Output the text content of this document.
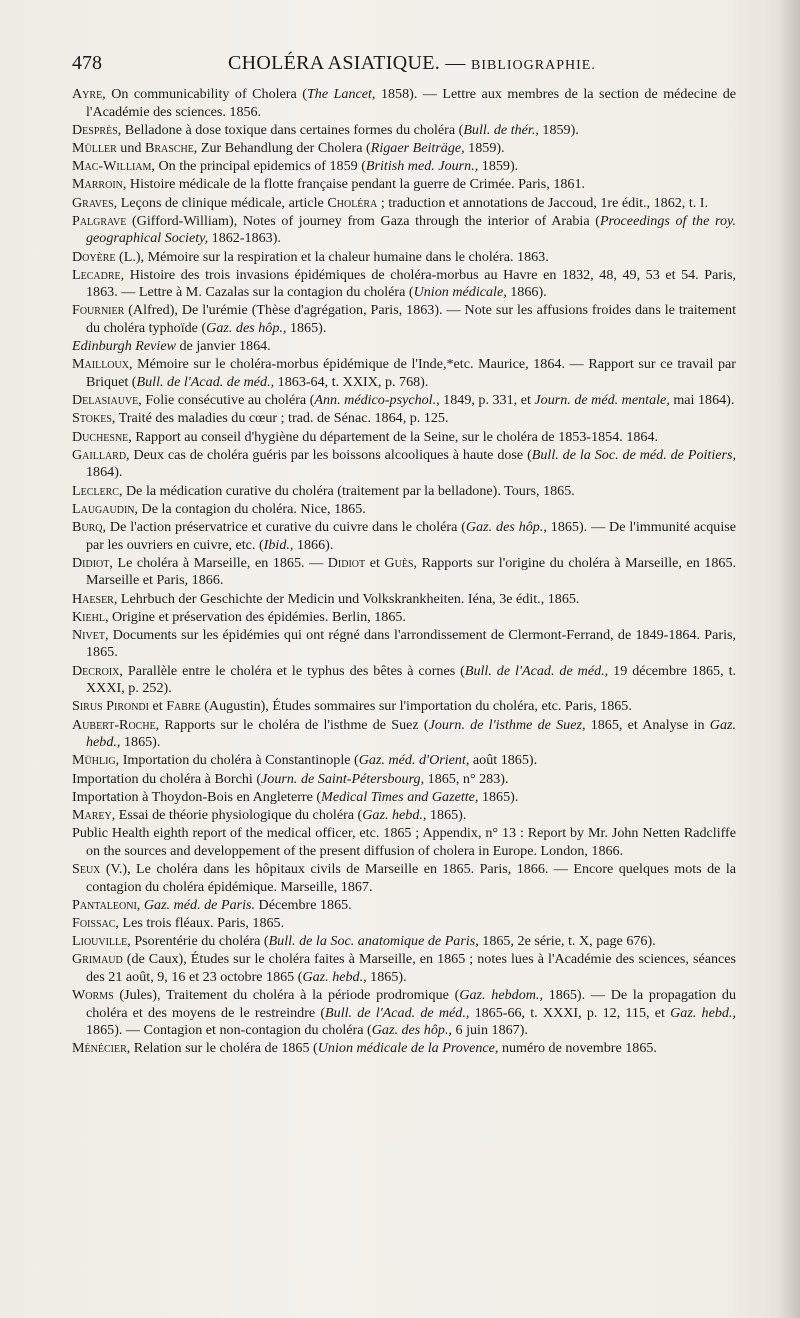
478	CHOLÉRA ASIATIQUE. — BIBLIOGRAPHIE.

Ayre, On communicability of Cholera (The Lancet, 1858). — Lettre aux membres de la section de médecine de l'Académie des sciences. 1856.

Desprès, Belladone à dose toxique dans certaines formes du choléra (Bull. de thér., 1859).

Müller und Brasche, Zur Behandlung der Cholera (Rigaer Beiträge, 1859).

Mac-William, On the principal epidemics of 1859 (British med. Journ., 1859).

Marroin, Histoire médicale de la flotte française pendant la guerre de Crimée. Paris, 1861.

Graves, Leçons de clinique médicale, article Choléra ; traduction et annotations de Jaccoud, 1re édit., 1862, t. I.

Palgrave (Gifford-William), Notes of journey from Gaza through the interior of Arabia (Proceedings of the roy. geographical Society, 1862-1863).

Doyère (L.), Mémoire sur la respiration et la chaleur humaine dans le choléra. 1863.

Lecadre, Histoire des trois invasions épidémiques de choléra-morbus au Havre en 1832, 48, 49, 53 et 54. Paris, 1863. — Lettre à M. Cazalas sur la contagion du choléra (Union médicale, 1866).

Fournier (Alfred), De l'urémie (Thèse d'agrégation, Paris, 1863). — Note sur les affusions froides dans le traitement du choléra typhoïde (Gaz. des hôp., 1865).

Edinburgh Review de janvier 1864.

Mailloux, Mémoire sur le choléra-morbus épidémique de l'Inde,*etc. Maurice, 1864. — Rapport sur ce travail par Briquet (Bull. de l'Acad. de méd., 1863-64, t. XXIX, p. 768).

Delasiauve, Folie consécutive au choléra (Ann. médico-psychol., 1849, p. 331, et Journ. de méd. mentale, mai 1864).

Stokes, Traité des maladies du cœur ; trad. de Sénac. 1864, p. 125.

Duchesne, Rapport au conseil d'hygiène du département de la Seine, sur le choléra de 1853-1854. 1864.

Gaillard, Deux cas de choléra guéris par les boissons alcooliques à haute dose (Bull. de la Soc. de méd. de Poitiers, 1864).

Leclerc, De la médication curative du choléra (traitement par la belladone). Tours, 1865.

Laugaudin, De la contagion du choléra. Nice, 1865.

Burq, De l'action préservatrice et curative du cuivre dans le choléra (Gaz. des hôp., 1865). — De l'immunité acquise par les ouvriers en cuivre, etc. (Ibid., 1866).

Didiot, Le choléra à Marseille, en 1865. — Didiot et Guès, Rapports sur l'origine du choléra à Marseille, en 1865. Marseille et Paris, 1866.

Haeser, Lehrbuch der Geschichte der Medicin und Volkskrankheiten. Iéna, 3e édit., 1865.

Kiehl, Origine et préservation des épidémies. Berlin, 1865.

Nivet, Documents sur les épidémies qui ont régné dans l'arrondissement de Clermont-Ferrand, de 1849-1864. Paris, 1865.

Decroix, Parallèle entre le choléra et le typhus des bêtes à cornes (Bull. de l'Acad. de méd., 19 décembre 1865, t. XXXI, p. 252).

Sirus Pirondi et Fabre (Augustin), Études sommaires sur l'importation du choléra, etc. Paris, 1865.

Aubert-Roche, Rapports sur le choléra de l'isthme de Suez (Journ. de l'isthme de Suez, 1865, et Analyse in Gaz. hebd., 1865).

Mühlig, Importation du choléra à Constantinople (Gaz. méd. d'Orient, août 1865).

Importation du choléra à Borchi (Journ. de Saint-Pétersbourg, 1865, n° 283).

Importation à Thoydon-Bois en Angleterre (Medical Times and Gazette, 1865).

Marey, Essai de théorie physiologique du choléra (Gaz. hebd., 1865).

Public Health eighth report of the medical officer, etc. 1865 ; Appendix, n° 13 : Report by Mr. John Netten Radcliffe on the sources and developpement of the present diffusion of cholera in Europe. London, 1866.

Seux (V.), Le choléra dans les hôpitaux civils de Marseille en 1865. Paris, 1866. — Encore quelques mots de la contagion du choléra épidémique. Marseille, 1867.

Pantaleoni, Gaz. méd. de Paris. Décembre 1865.

Foissac, Les trois fléaux. Paris, 1865.

Liouville, Psorentérie du choléra (Bull. de la Soc. anatomique de Paris, 1865, 2e série, t. X, page 676).

Grimaud (de Caux), Études sur le choléra faites à Marseille, en 1865 ; notes lues à l'Académie des sciences, séances des 21 août, 9, 16 et 23 octobre 1865 (Gaz. hebd., 1865).

Worms (Jules), Traitement du choléra à la période prodromique (Gaz. hebdom., 1865). — De la propagation du choléra et des moyens de le restreindre (Bull. de l'Acad. de méd., 1865-66, t. XXXI, p. 12, 115, et Gaz. hebd., 1865). — Contagion et non-contagion du choléra (Gaz. des hôp., 6 juin 1867).

Ménécier, Relation sur le choléra de 1865 (Union médicale de la Provence, numéro de novembre 1865.
